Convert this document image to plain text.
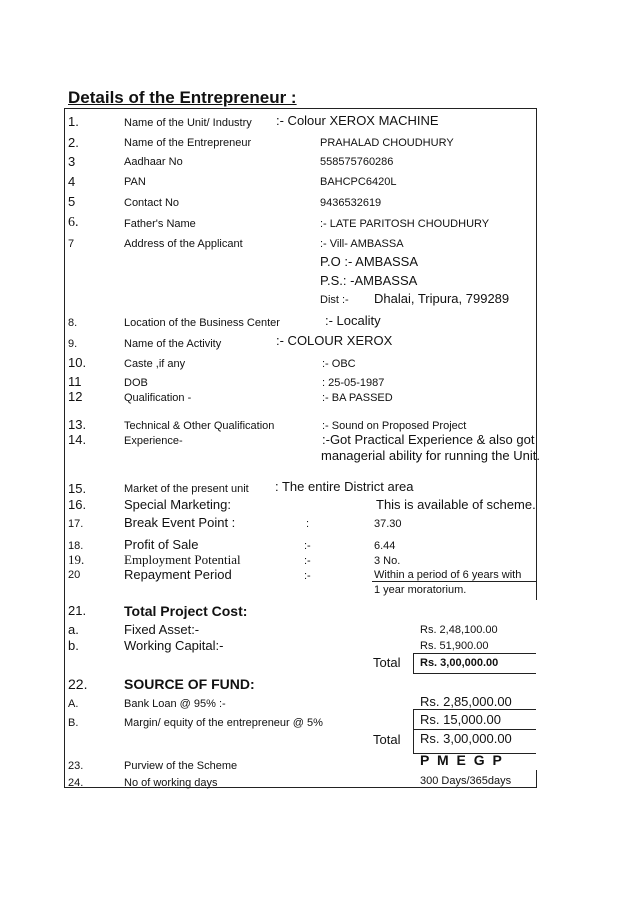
Details of the Entrepreneur :
1.	Name of the Unit/ Industry :- Colour XEROX MACHINE
2.	Name of the Entrepreneur	PRAHALAD CHOUDHURY
3	Aadhaar No	558575760286
4	PAN	BAHCPC6420L
5	Contact No	9436532619
6.	Father's Name	:- LATE PARITOSH CHOUDHURY
7	Address of the Applicant	:- Vill- AMBASSA
P.O :- AMBASSA
P.S.: -AMBASSA
Dist :- Dhalai, Tripura, 799289
8.	Location of the Business Center	:- Locality
9.	Name of the Activity	:- COLOUR XEROX
10.	Caste ,if any	:- OBC
11	DOB	: 25-05-1987
12	Qualification -	:- BA PASSED
13.	Technical & Other Qualification	:- Sound on Proposed Project
14.	Experience-	:-Got Practical Experience & also got
managerial ability for running the Unit.
15.	Market of the present unit : The entire District area
16.	Special Marketing:	This is available of scheme.
17.	Break Event Point :	:	37.30
18.	Profit of Sale	:-	6.44
19.	Employment Potential	:-	3 No.
20	Repayment Period	:-	Within a period of 6 years with
1 year moratorium.
21.	Total Project Cost:
a.	Fixed Asset:-	Rs. 2,48,100.00
b.	Working Capital:-	Rs. 51,900.00
Total Rs. 3,00,000.00
22.	SOURCE OF FUND:
A.	Bank Loan @ 95% :-	Rs. 2,85,000.00
B.	Margin/ equity of the entrepreneur @ 5%	Rs. 15,000.00
Total Rs. 3,00,000.00
23.	Purview of the Scheme	P M E G P
24.	No of working days	300 Days/365days
